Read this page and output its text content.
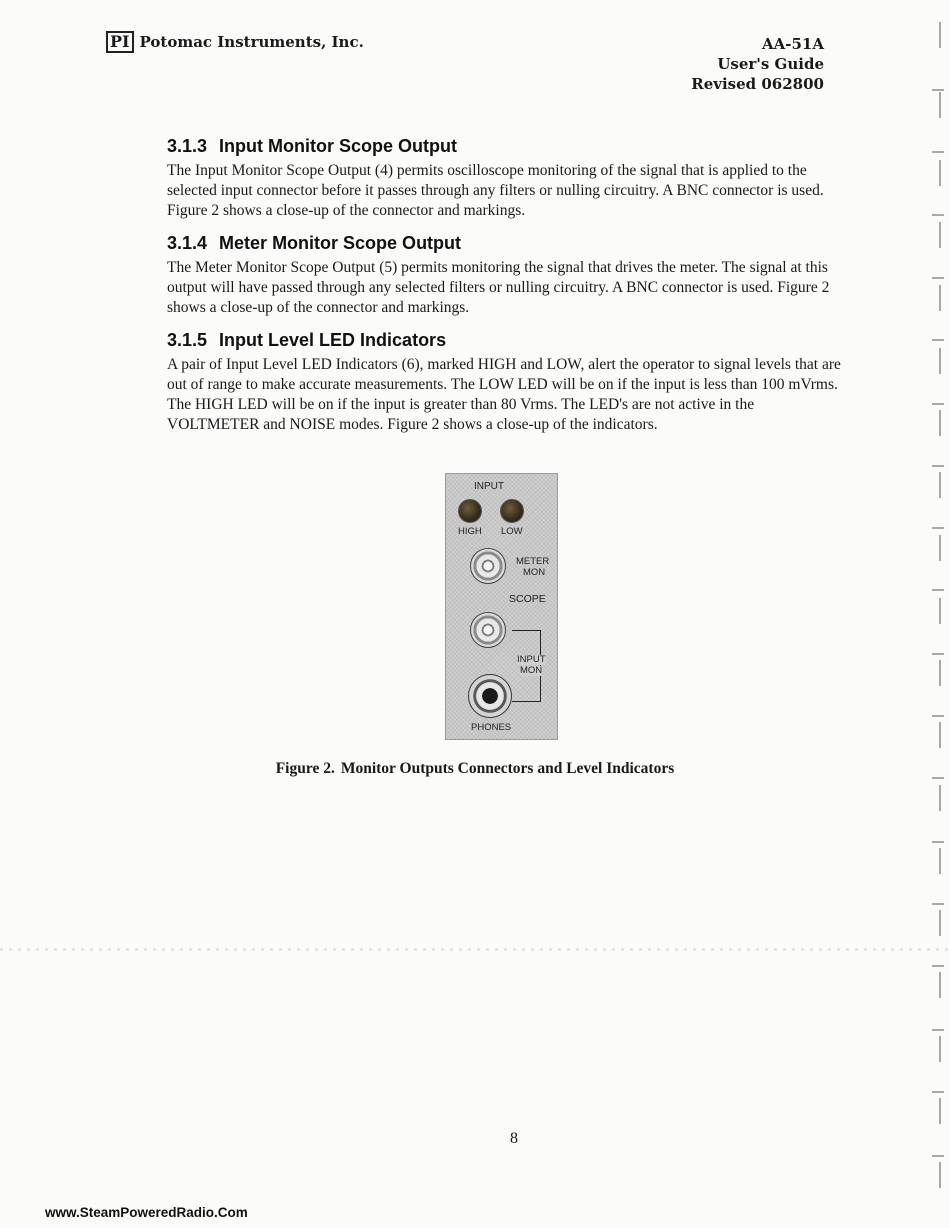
PI Potomac Instruments, Inc.	AA-51A
User's Guide
Revised 062800
3.1.3 Input Monitor Scope Output

The Input Monitor Scope Output (4) permits oscilloscope monitoring of the signal that is applied to the selected input connector before it passes through any filters or nulling circuitry. A BNC connector is used. Figure 2 shows a close-up of the connector and markings.

3.1.4 Meter Monitor Scope Output

The Meter Monitor Scope Output (5) permits monitoring the signal that drives the meter. The signal at this output will have passed through any selected filters or nulling circuitry. A BNC connector is used. Figure 2 shows a close-up of the connector and markings.

3.1.5 Input Level LED Indicators

A pair of Input Level LED Indicators (6), marked HIGH and LOW, alert the operator to signal levels that are out of range to make accurate measurements. The LOW LED will be on if the input is less than 100 mVrms. The HIGH LED will be on if the input is greater than 80 Vrms. The LED's are not active in the VOLTMETER and NOISE modes. Figure 2 shows a close-up of the indicators.

INPUT
HIGH LOW
METER
MON
SCOPE
INPUT
MON
PHONES
Figure 2. Monitor Outputs Connectors and Level Indicators
8
www.SteamPoweredRadio.Com
